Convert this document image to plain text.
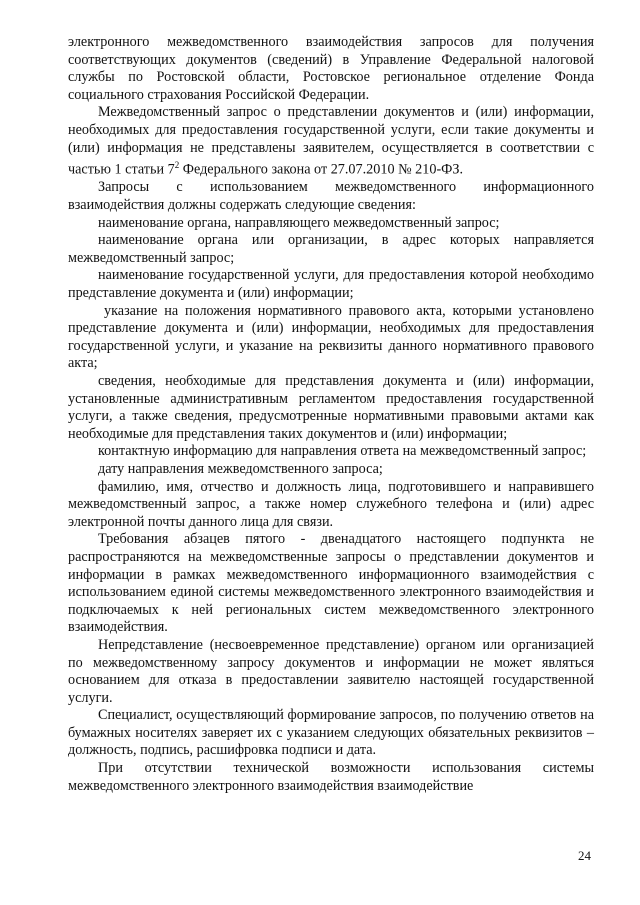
электронного межведомственного взаимодействия запросов для получения соответствующих документов (сведений) в Управление Федеральной налоговой службы по Ростовской области, Ростовское региональное отделение Фонда социального страхования Российской Федерации.

Межведомственный запрос о представлении документов и (или) информации, необходимых для предоставления государственной услуги, если такие документы и (или) информация не представлены заявителем, осуществляется в соответствии с частью 1 статьи $7^2$ Федерального закона от 27.07.2010 № 210-ФЗ.

Запросы с использованием межведомственного информационного взаимодействия должны содержать следующие сведения:

наименование органа, направляющего межведомственный запрос;

наименование органа или организации, в адрес которых направляется межведомственный запрос;

наименование государственной услуги, для предоставления которой необходимо представление документа и (или) информации;

указание на положения нормативного правового акта, которыми установлено представление документа и (или) информации, необходимых для предоставления государственной услуги, и указание на реквизиты данного нормативного правового акта;

сведения, необходимые для представления документа и (или) информации, установленные административным регламентом предоставления государственной услуги, а также сведения, предусмотренные нормативными правовыми актами как необходимые для представления таких документов и (или) информации;

контактную информацию для направления ответа на межведомственный запрос;

дату направления межведомственного запроса;

фамилию, имя, отчество и должность лица, подготовившего и направившего межведомственный запрос, а также номер служебного телефона и (или) адрес электронной почты данного лица для связи.

Требования абзацев пятого - двенадцатого настоящего подпункта не распространяются на межведомственные запросы о представлении документов и информации в рамках межведомственного информационного взаимодействия с использованием единой системы межведомственного электронного взаимодействия и подключаемых к ней региональных систем межведомственного электронного взаимодействия.

Непредставление (несвоевременное представление) органом или организацией по межведомственному запросу документов и информации не может являться основанием для отказа в предоставлении заявителю настоящей государственной услуги.

Специалист, осуществляющий формирование запросов, по получению ответов на бумажных носителях заверяет их с указанием следующих обязательных реквизитов – должность, подпись, расшифровка подписи и дата.

При отсутствии технической возможности использования системы межведомственного электронного взаимодействия взаимодействие

24
